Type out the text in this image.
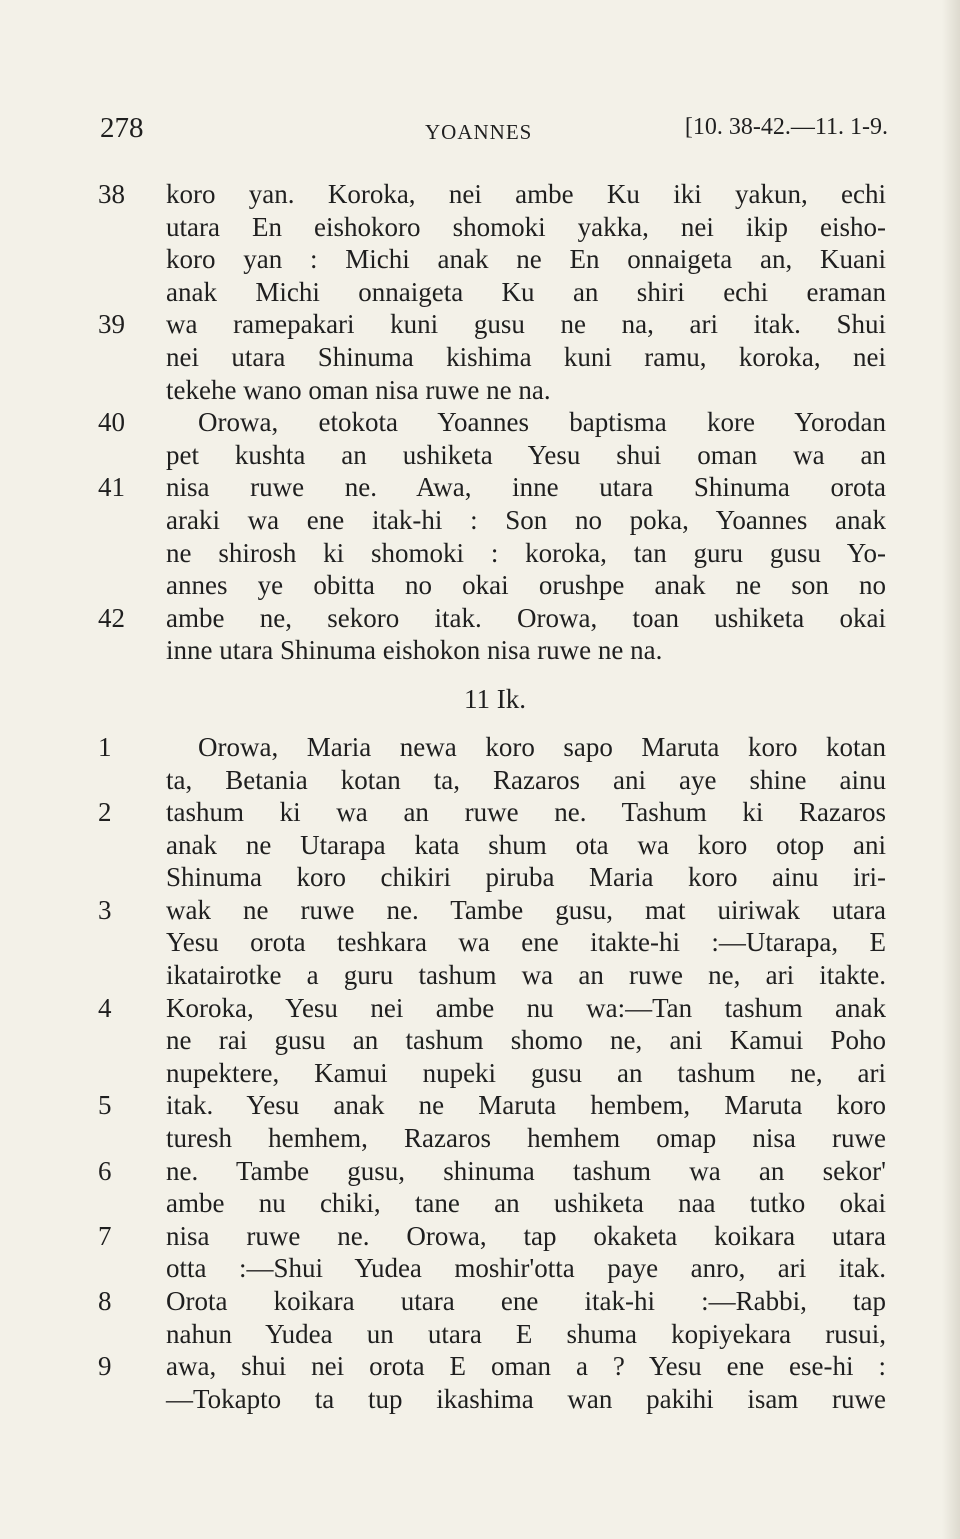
278	YOANNES	[10. 38-42.—11. 1-9.
38	koro yan. Koroka, nei ambe Ku iki yakun, echi
utara En eishokoro shomoki yakka, nei ikip eisho-
koro yan : Michi anak ne En onnaigeta an, Kuani
anak Michi onnaigeta Ku an shiri echi eraman
39	wa ramepakari kuni gusu ne na, ari itak. Shui
nei utara Shinuma kishima kuni ramu, koroka, nei
tekehe wano oman nisa ruwe ne na.
40	Orowa, etokota Yoannes baptisma kore Yorodan
pet kushta an ushiketa Yesu shui oman wa an
41	nisa ruwe ne. Awa, inne utara Shinuma orota
araki wa ene itak-hi : Son no poka, Yoannes anak
ne shirosh ki shomoki : koroka, tan guru gusu Yo-
annes ye obitta no okai orushpe anak ne son no
42	ambe ne, sekoro itak. Orowa, toan ushiketa okai
inne utara Shinuma eishokon nisa ruwe ne na.
11 Ik.
1	Orowa, Maria newa koro sapo Maruta koro kotan
ta, Betania kotan ta, Razaros ani aye shine ainu
2	tashum ki wa an ruwe ne. Tashum ki Razaros
anak ne Utarapa kata shum ota wa koro otop ani
Shinuma koro chikiri piruba Maria koro ainu iri-
3	wak ne ruwe ne. Tambe gusu, mat uiriwak utara
Yesu orota teshkara wa ene itakte-hi :—Utarapa, E
ikatairotke a guru tashum wa an ruwe ne, ari itakte.
4	Koroka, Yesu nei ambe nu wa:—Tan tashum anak
ne rai gusu an tashum shomo ne, ani Kamui Poho
nupektere, Kamui nupeki gusu an tashum ne, ari
5	itak. Yesu anak ne Maruta hembem, Maruta koro
turesh hemhem, Razaros hemhem omap nisa ruwe
6	ne. Tambe gusu, shinuma tashum wa an sekor'
ambe nu chiki, tane an ushiketa naa tutko okai
7	nisa ruwe ne. Orowa, tap okaketa koikara utara
otta :—Shui Yudea moshir'otta paye anro, ari itak.
8	Orota koikara utara ene itak-hi :—Rabbi, tap
nahun Yudea un utara E shuma kopiyekara rusui,
9	awa, shui nei orota E oman a ? Yesu ene ese-hi :
—Tokapto ta tup ikashima wan pakihi isam ruwe
